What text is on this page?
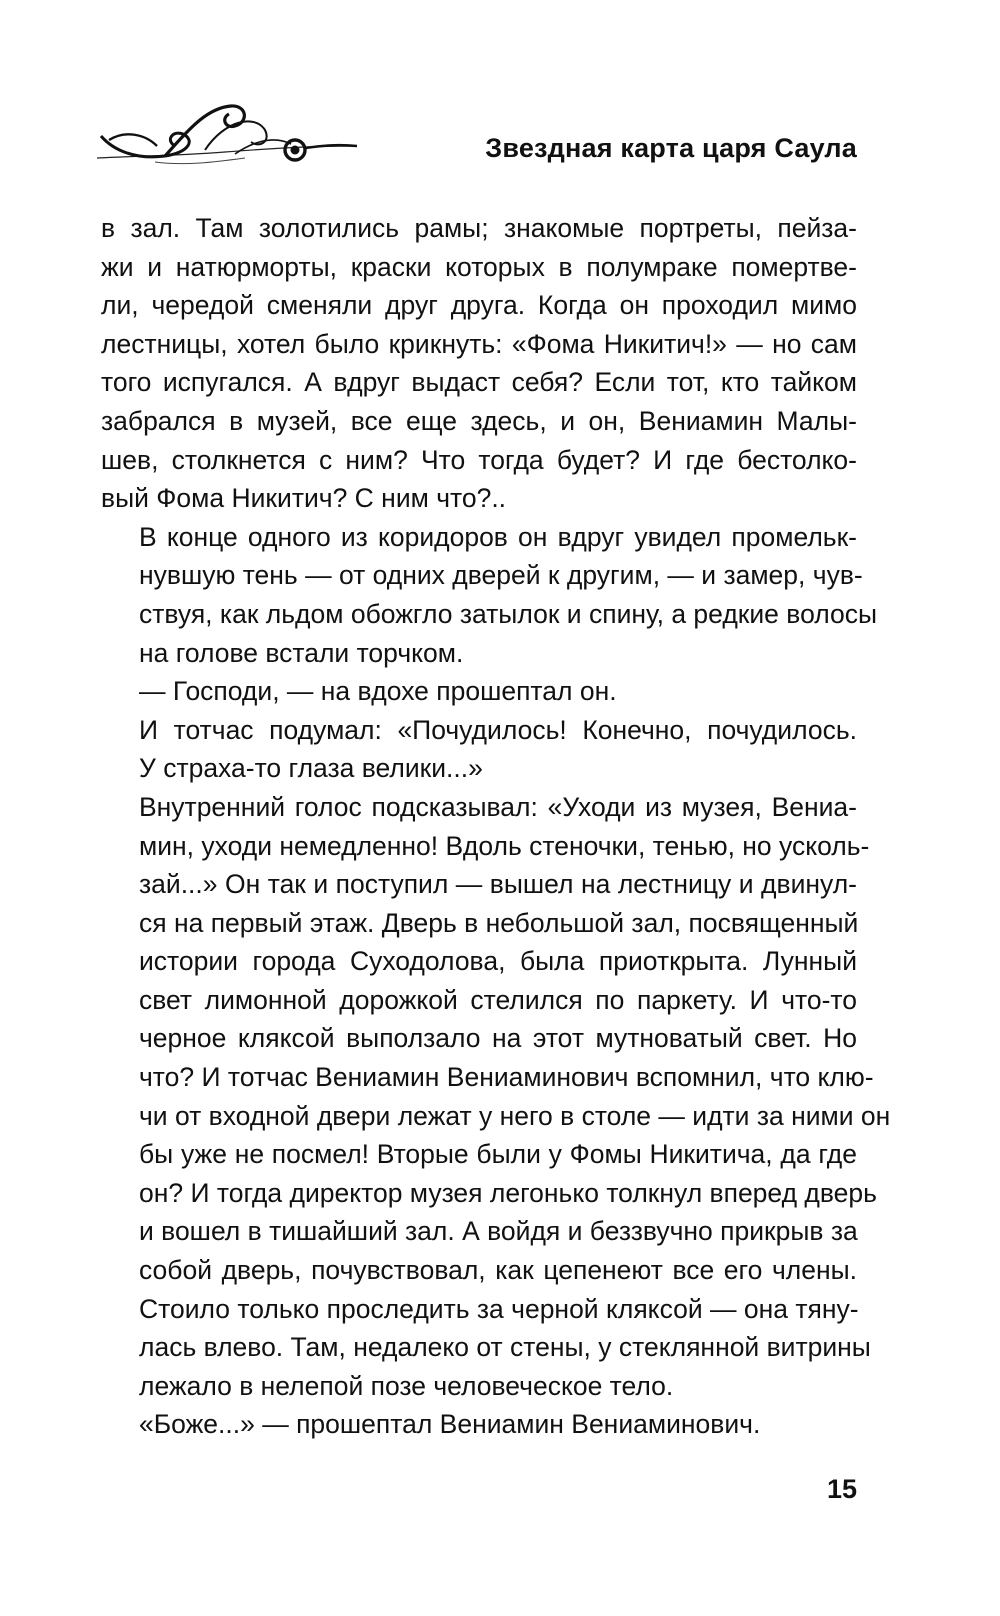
Звездная карта царя Саула

в зал. Там золотились рамы; знакомые портреты, пейза-
жи и натюрморты, краски которых в полумраке помертве-
ли, чередой сменяли друг друга. Когда он проходил мимо
лестницы, хотел было крикнуть: «Фома Никитич!» — но сам
того испугался. А вдруг выдаст себя? Если тот, кто тайком
забрался в музей, все еще здесь, и он, Вениамин Малы-
шев, столкнется с ним? Что тогда будет? И где бестолко-
вый Фома Никитич? С ним что?..

В конце одного из коридоров он вдруг увидел промельк-
нувшую тень — от одних дверей к другим, — и замер, чув-
ствуя, как льдом обожгло затылок и спину, а редкие волосы
на голове встали торчком.

— Господи, — на вдохе прошептал он.

И тотчас подумал: «Почудилось! Конечно, почудилось.
У страха-то глаза велики...»

Внутренний голос подсказывал: «Уходи из музея, Вениа-
мин, уходи немедленно! Вдоль стеночки, тенью, но усколь-
зай...» Он так и поступил — вышел на лестницу и двинул-
ся на первый этаж. Дверь в небольшой зал, посвященный
истории города Суходолова, была приоткрыта. Лунный
свет лимонной дорожкой стелился по паркету. И что-то
черное кляксой выползало на этот мутноватый свет. Но
что? И тотчас Вениамин Вениаминович вспомнил, что клю-
чи от входной двери лежат у него в столе — идти за ними он
бы уже не посмел! Вторые были у Фомы Никитича, да где
он? И тогда директор музея легонько толкнул вперед дверь
и вошел в тишайший зал. А войдя и беззвучно прикрыв за
собой дверь, почувствовал, как цепенеют все его члены.
Стоило только проследить за черной кляксой — она тяну-
лась влево. Там, недалеко от стены, у стеклянной витрины
лежало в нелепой позе человеческое тело.

«Боже...» — прошептал Вениамин Вениаминович.

15
